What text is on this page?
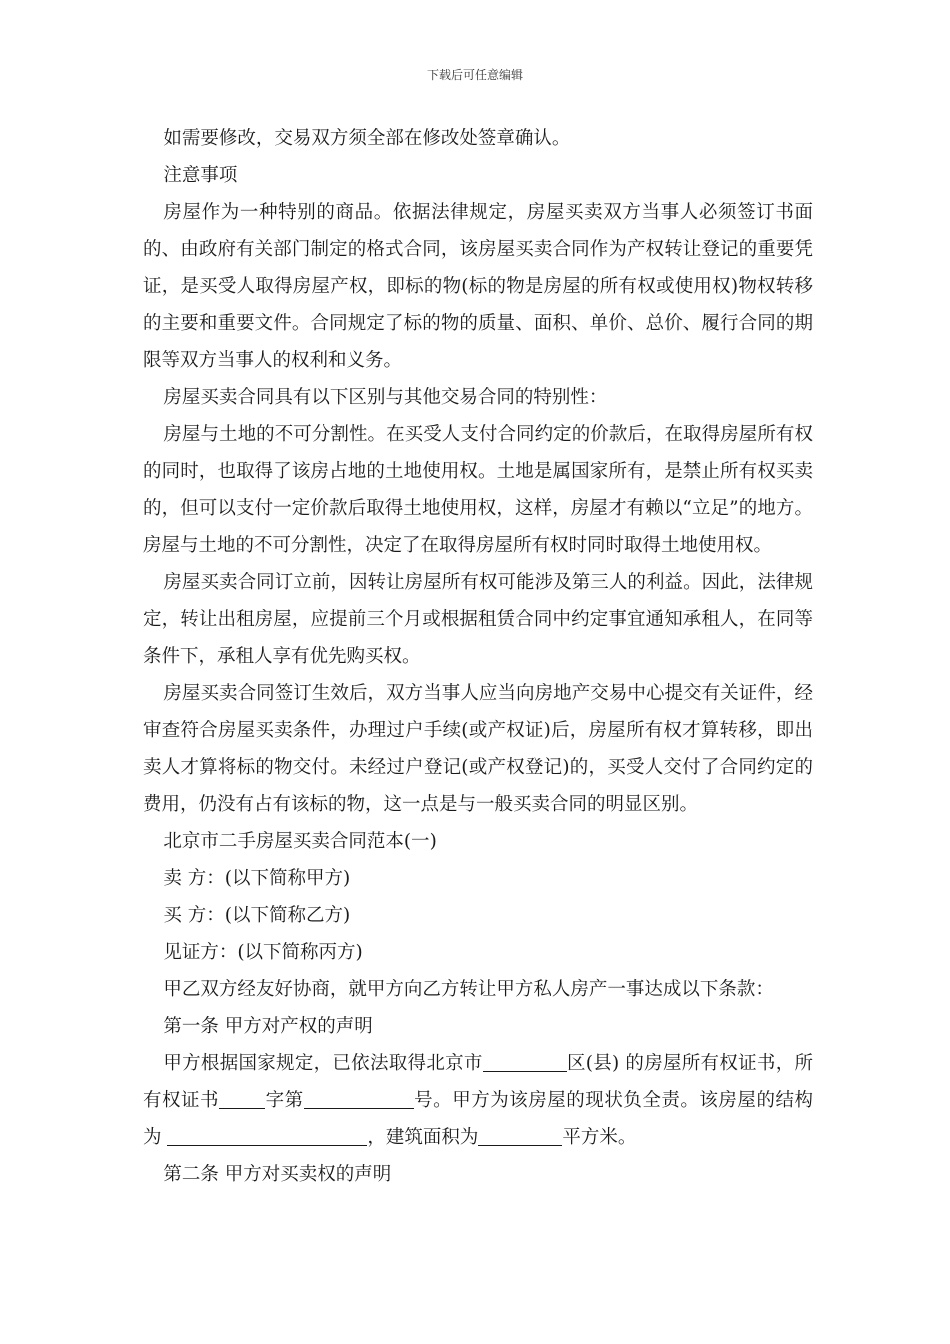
下载后可任意编辑

如需要修改，交易双方须全部在修改处签章确认。

注意事项

房屋作为一种特别的商品。依据法律规定，房屋买卖双方当事人必须签订书面的、由政府有关部门制定的格式合同，该房屋买卖合同作为产权转让登记的重要凭证，是买受人取得房屋产权，即标的物(标的物是房屋的所有权或使用权)物权转移的主要和重要文件。合同规定了标的物的质量、面积、单价、总价、履行合同的期限等双方当事人的权利和义务。

房屋买卖合同具有以下区别与其他交易合同的特别性：

房屋与土地的不可分割性。在买受人支付合同约定的价款后，在取得房屋所有权的同时，也取得了该房占地的土地使用权。土地是属国家所有，是禁止所有权买卖的，但可以支付一定价款后取得土地使用权，这样，房屋才有赖以“立足”的地方。房屋与土地的不可分割性，决定了在取得房屋所有权时同时取得土地使用权。

房屋买卖合同订立前，因转让房屋所有权可能涉及第三人的利益。因此，法律规定，转让出租房屋，应提前三个月或根据租赁合同中约定事宜通知承租人，在同等条件下，承租人享有优先购买权。

房屋买卖合同签订生效后，双方当事人应当向房地产交易中心提交有关证件，经审查符合房屋买卖条件，办理过户手续(或产权证)后，房屋所有权才算转移，即出卖人才算将标的物交付。未经过户登记(或产权登记)的，买受人交付了合同约定的费用，仍没有占有该标的物，这一点是与一般买卖合同的明显区别。

北京市二手房屋买卖合同范本(一)

卖 方：(以下简称甲方)

买 方：(以下简称乙方)

见证方：(以下简称丙方)

甲乙双方经友好协商，就甲方向乙方转让甲方私人房产一事达成以下条款：

第一条 甲方对产权的声明

甲方根据国家规定，已依法取得北京市	区(县) 的房屋所有权证书，所有权证书 字第	号。甲方为该房屋的现状负全责。该房屋的结构为	，建筑面积为	平方米。

第二条 甲方对买卖权的声明
